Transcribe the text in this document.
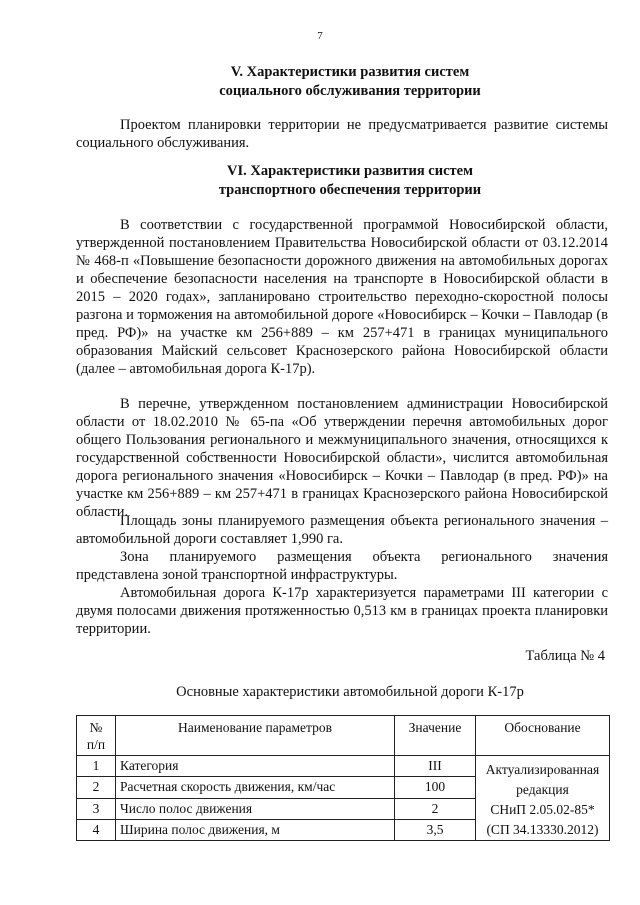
7
V. Характеристики развития систем
социального обслуживания территории
Проектом планировки территории не предусматривается развитие системы социального обслуживания.
VI. Характеристики развития систем
транспортного обеспечения территории
В соответствии с государственной программой Новосибирской области, утвержденной постановлением Правительства Новосибирской области от 03.12.2014 № 468-п «Повышение безопасности дорожного движения на автомобильных дорогах и обеспечение безопасности населения на транспорте в Новосибирской области в 2015 – 2020 годах», запланировано строительство переходно-скоростной полосы разгона и торможения на автомобильной дороге «Новосибирск – Кочки – Павлодар (в пред. РФ)» на участке км 256+889 – км 257+471 в границах муниципального образования Майский сельсовет Краснозерского района Новосибирской области (далее – автомобильная дорога К-17р).
В перечне, утвержденном постановлением администрации Новосибирской области от 18.02.2010 № 65-па «Об утверждении перечня автомобильных дорог общего Пользования регионального и межмуниципального значения, относящихся к государственной собственности Новосибирской области», числится автомобильная дорога регионального значения «Новосибирск – Кочки – Павлодар (в пред. РФ)» на участке км 256+889 – км 257+471 в границах Краснозерского района Новосибирской области.
Площадь зоны планируемого размещения объекта регионального значения – автомобильной дороги составляет 1,990 га.
Зона планируемого размещения объекта регионального значения представлена зоной транспортной инфраструктуры.
Автомобильная дорога К-17р характеризуется параметрами III категории с двумя полосами движения протяженностью 0,513 км в границах проекта планировки территории.
Таблица № 4
Основные характеристики автомобильной дороги К-17р
№
п/п	Наименование параметров	Значение	Обоснование
1	Категория	III	Актуализированная
редакция
СНиП 2.05.02-85*
(СП 34.13330.2012)

2	Расчетная скорость движения, км/час	100	
3	Число полос движения	2	
4	Ширина полос движения, м	3,5	
